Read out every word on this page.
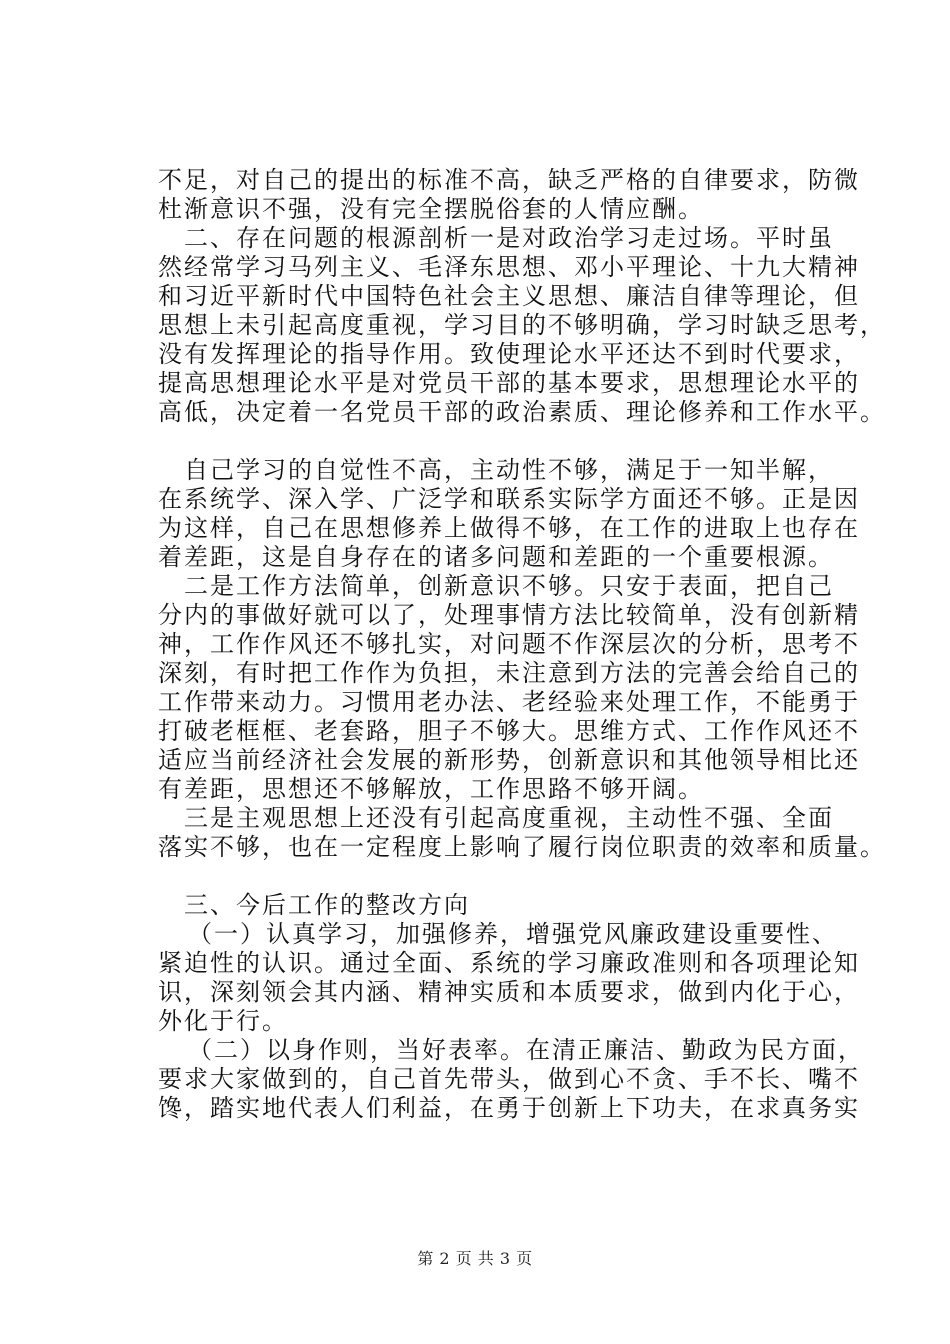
不足，对自己的提出的标准不高，缺乏严格的自律要求，防微
杜渐意识不强，没有完全摆脱俗套的人情应酬。
二、存在问题的根源剖析一是对政治学习走过场。平时虽
然经常学习马列主义、毛泽东思想、邓小平理论、十九大精神
和习近平新时代中国特色社会主义思想、廉洁自律等理论，但
思想上未引起高度重视，学习目的不够明确，学习时缺乏思考，
没有发挥理论的指导作用。致使理论水平还达不到时代要求，
提高思想理论水平是对党员干部的基本要求，思想理论水平的
高低，决定着一名党员干部的政治素质、理论修养和工作水平。
自己学习的自觉性不高，主动性不够，满足于一知半解，
在系统学、深入学、广泛学和联系实际学方面还不够。正是因
为这样，自己在思想修养上做得不够，在工作的进取上也存在
着差距，这是自身存在的诸多问题和差距的一个重要根源。
二是工作方法简单，创新意识不够。只安于表面，把自己
分内的事做好就可以了，处理事情方法比较简单，没有创新精
神，工作作风还不够扎实，对问题不作深层次的分析，思考不
深刻，有时把工作作为负担，未注意到方法的完善会给自己的
工作带来动力。习惯用老办法、老经验来处理工作，不能勇于
打破老框框、老套路，胆子不够大。思维方式、工作作风还不
适应当前经济社会发展的新形势，创新意识和其他领导相比还
有差距，思想还不够解放，工作思路不够开阔。
三是主观思想上还没有引起高度重视，主动性不强、全面
落实不够，也在一定程度上影响了履行岗位职责的效率和质量。
三、今后工作的整改方向
（一）认真学习，加强修养，增强党风廉政建设重要性、
紧迫性的认识。通过全面、系统的学习廉政准则和各项理论知
识，深刻领会其内涵、精神实质和本质要求，做到内化于心，
外化于行。
（二）以身作则，当好表率。在清正廉洁、勤政为民方面，
要求大家做到的，自己首先带头，做到心不贪、手不长、嘴不
馋，踏实地代表人们利益，在勇于创新上下功夫，在求真务实
第 2 页 共 3 页
